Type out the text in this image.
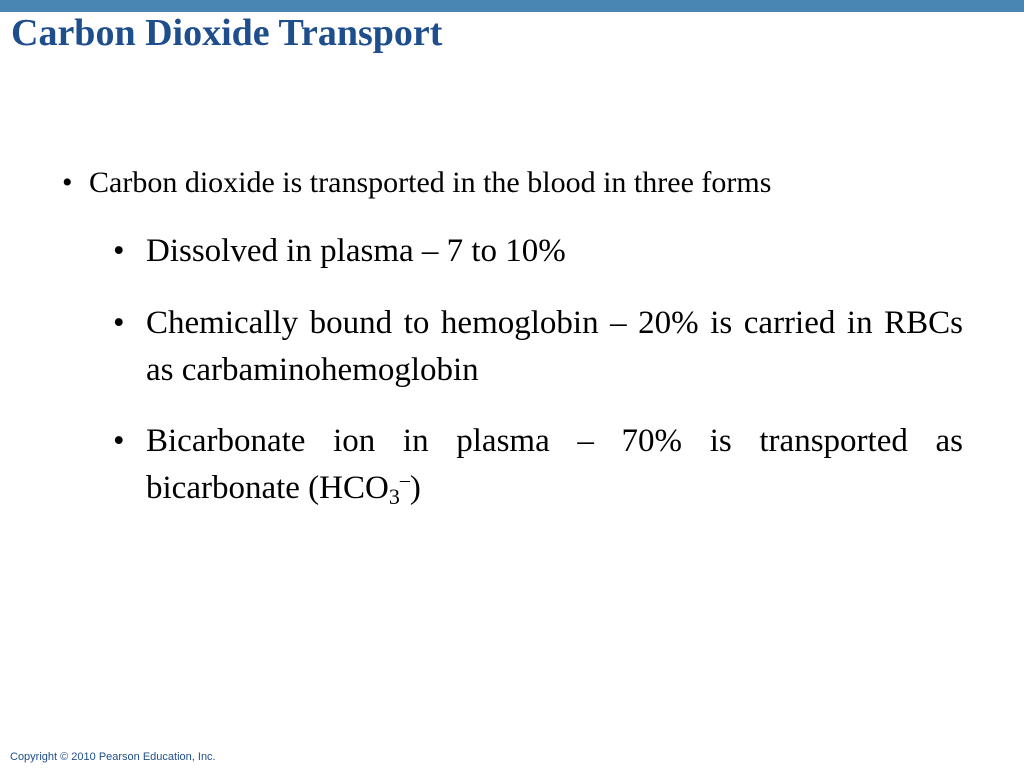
Carbon Dioxide Transport
• Carbon dioxide is transported in the blood in three forms
• Dissolved in plasma – 7 to 10%
• Chemically bound to hemoglobin – 20% is carried in RBCs as carbaminohemoglobin
• Bicarbonate ion in plasma – 70% is transported as bicarbonate $(HCO_3^-)$
Copyright © 2010 Pearson Education, Inc.
